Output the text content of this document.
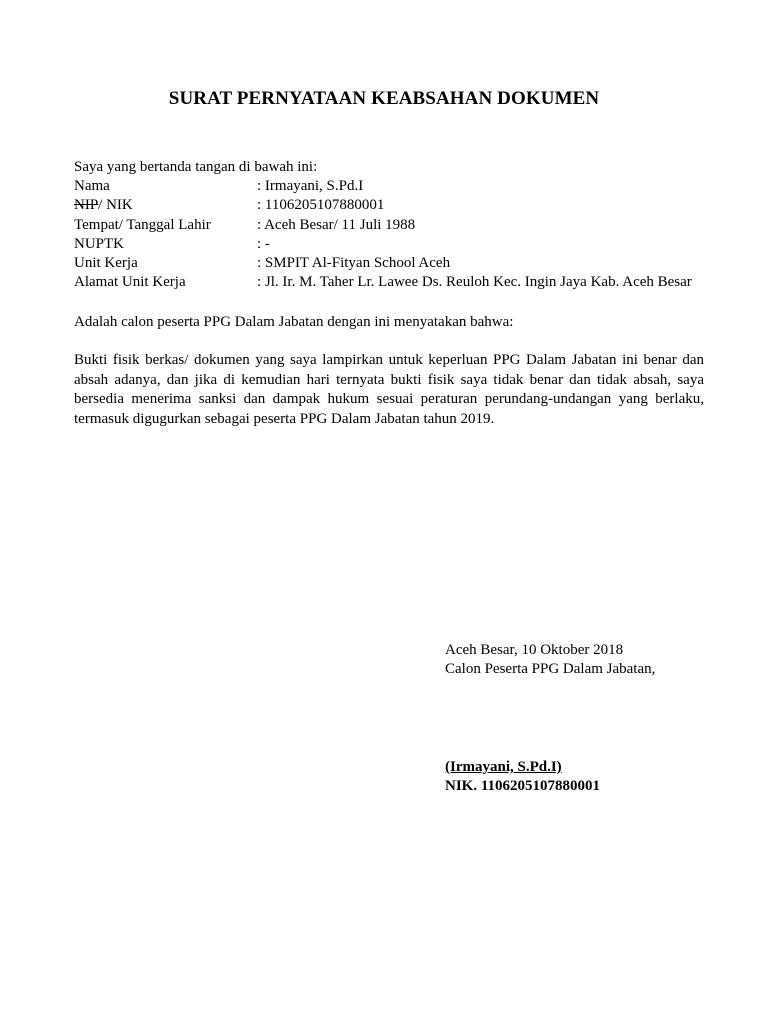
SURAT PERNYATAAN KEABSAHAN DOKUMEN
Saya yang bertanda tangan di bawah ini:
Nama	: Irmayani, S.Pd.I
NIP/ NIK	: 1106205107880001
Tempat/ Tanggal Lahir	: Aceh Besar/ 11 Juli 1988
NUPTK	: -
Unit Kerja	: SMPIT Al-Fityan School Aceh
Alamat Unit Kerja	: Jl. Ir. M. Taher Lr. Lawee Ds. Reuloh Kec. Ingin Jaya Kab. Aceh Besar
Adalah calon peserta PPG Dalam Jabatan dengan ini menyatakan bahwa:
Bukti fisik berkas/ dokumen yang saya lampirkan untuk keperluan PPG Dalam Jabatan ini benar dan absah adanya, dan jika di kemudian hari ternyata bukti fisik saya tidak benar dan tidak absah, saya bersedia menerima sanksi dan dampak hukum sesuai peraturan perundang-undangan yang berlaku, termasuk digugurkan sebagai peserta PPG Dalam Jabatan tahun 2019.
Aceh Besar, 10 Oktober 2018
Calon Peserta PPG Dalam Jabatan,
(Irmayani, S.Pd.I)
NIK. 1106205107880001
